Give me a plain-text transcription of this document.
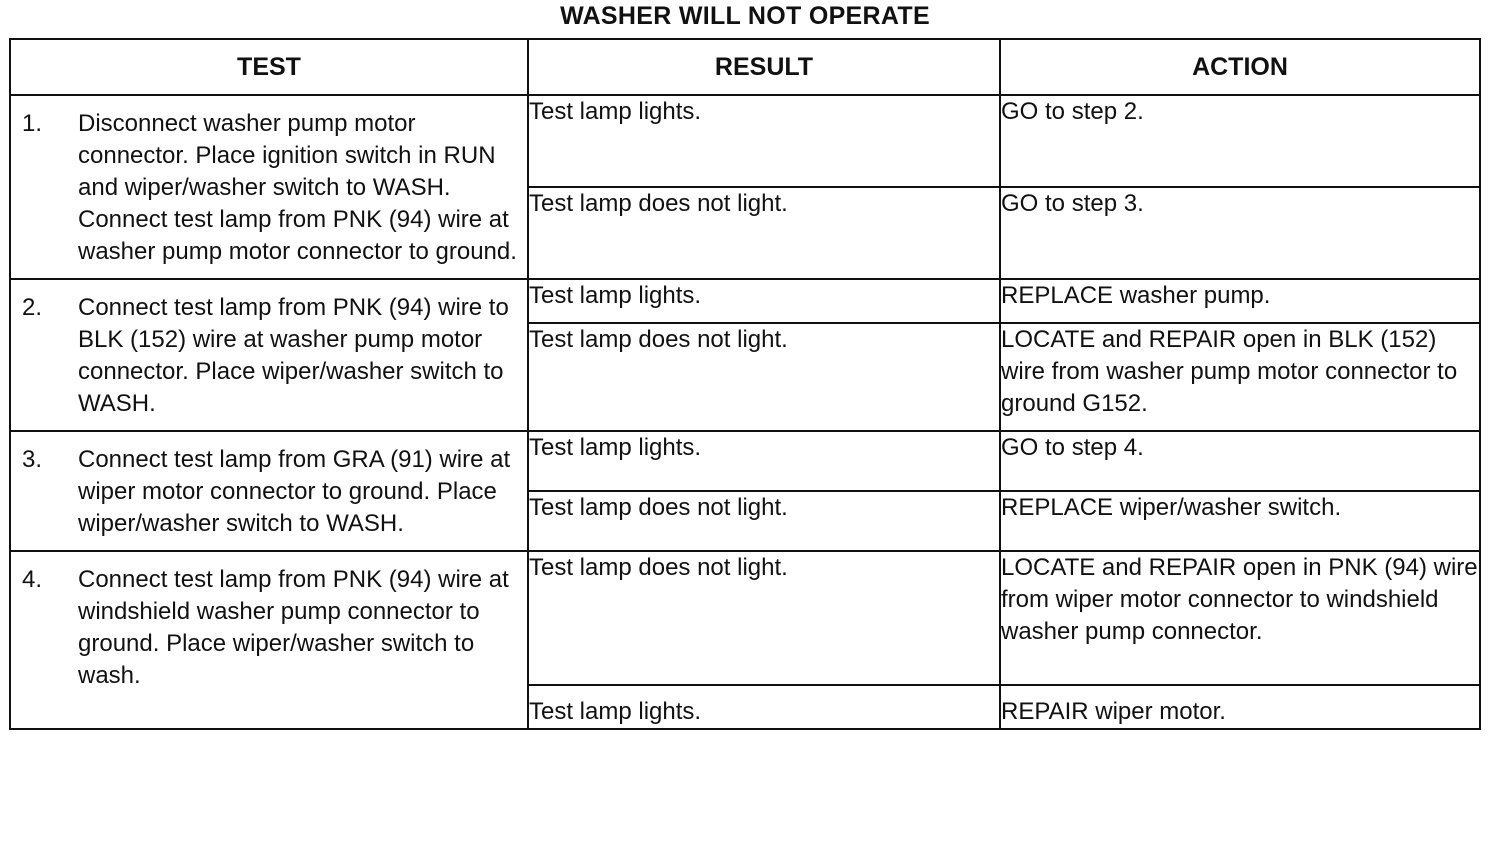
WASHER WILL NOT OPERATE
TEST	RESULT	ACTION

1. Disconnect washer pump motor connector. Place ignition switch in RUN and wiper/washer switch to WASH. Connect test lamp from PNK (94) wire at washer pump motor connector to ground.	Test lamp lights.	GO to step 2.
	Test lamp does not light.	GO to step 3.

2. Connect test lamp from PNK (94) wire to BLK (152) wire at washer pump motor connector. Place wiper/washer switch to WASH.	Test lamp lights.	REPLACE washer pump.
	Test lamp does not light.	LOCATE and REPAIR open in BLK (152) wire from washer pump motor connector to ground G152.

3. Connect test lamp from GRA (91) wire at wiper motor connector to ground. Place wiper/washer switch to WASH.	Test lamp lights.	GO to step 4.
	Test lamp does not light.	REPLACE wiper/washer switch.

4. Connect test lamp from PNK (94) wire at windshield washer pump connector to ground. Place wiper/washer switch to wash.	Test lamp does not light.	LOCATE and REPAIR open in PNK (94) wire from wiper motor connector to windshield washer pump connector.
	Test lamp lights.	REPAIR wiper motor.
